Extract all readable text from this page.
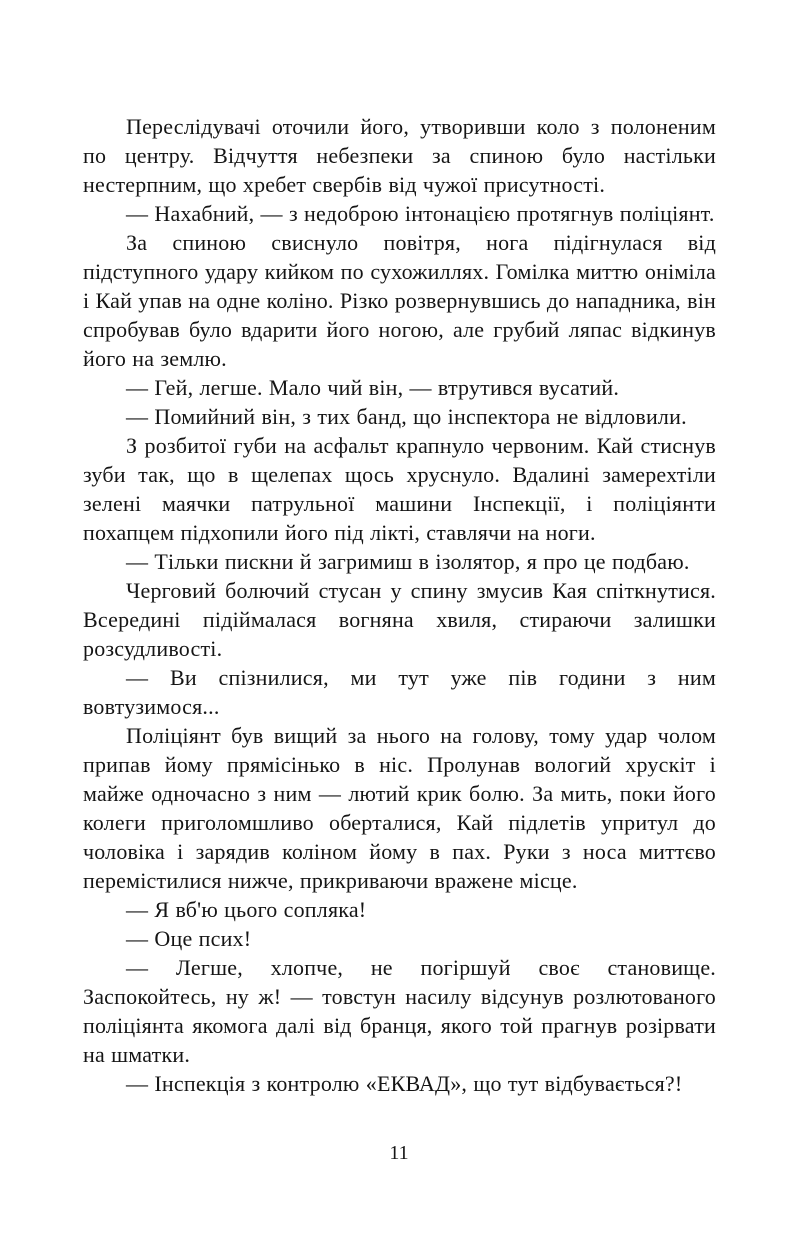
Переслідувачі оточили його, утворивши коло з полоненим по центру. Відчуття небезпеки за спиною було настільки нестерпним, що хребет свербів від чужої присутності.

— Нахабний, — з недоброю інтонацією протягнув поліціянт.

За спиною свиснуло повітря, нога підігнулася від підступного удару кийком по сухожиллях. Гомілка миттю оніміла і Кай упав на одне коліно. Різко розвернувшись до нападника, він спробував було вдарити його ногою, але грубий ляпас відкинув його на землю.

— Гей, легше. Мало чий він, — втрутився вусатий.

— Помийний він, з тих банд, що інспектора не відловили.

З розбитої губи на асфальт крапнуло червоним. Кай стиснув зуби так, що в щелепах щось хруснуло. Вдалині замерехтіли зелені маячки патрульної машини Інспекції, і поліціянти похапцем підхопили його під лікті, ставлячи на ноги.

— Тільки пискни й загримиш в ізолятор, я про це подбаю.

Черговий болючий стусан у спину змусив Кая спіткнутися. Всередині підіймалася вогняна хвиля, стираючи залишки розсудливості.

— Ви спізнилися, ми тут уже пів години з ним вовтузимося...

Поліціянт був вищий за нього на голову, тому удар чолом припав йому прямісінько в ніс. Пролунав вологий хрускіт і майже одночасно з ним — лютий крик болю. За мить, поки його колеги приголомшливо оберталися, Кай підлетів упритул до чоловіка і зарядив коліном йому в пах. Руки з носа миттєво перемістилися нижче, прикриваючи вражене місце.

— Я вб'ю цього сопляка!

— Оце псих!

— Легше, хлопче, не погіршуй своє становище. Заспокойтесь, ну ж! — товстун насилу відсунув розлютованого поліціянта якомога далі від бранця, якого той прагнув розірвати на шматки.

— Інспекція з контролю «ЕКВАД», що тут відбувається?!

11
